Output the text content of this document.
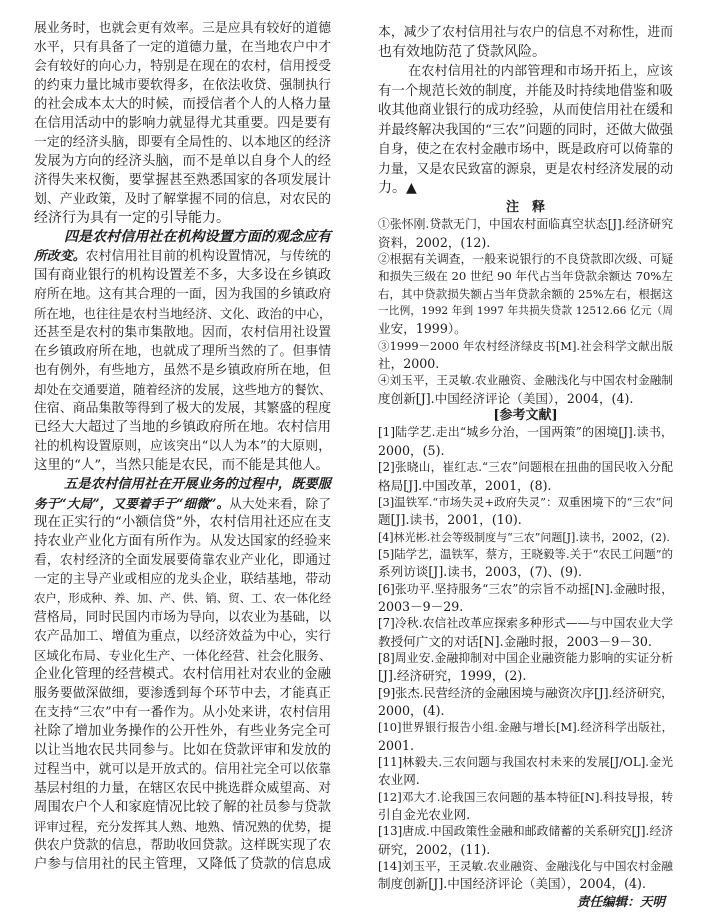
展业务时，也就会更有效率。三是应具有较好的道德
水平，只有具备了一定的道德力量，在当地农户中才
会有较好的向心力，特别是在现在的农村，信用授受
的约束力量比城市要软得多，在依法收贷、强制执行
的社会成本太大的时候，而授信者个人的人格力量
在信用活动中的影响力就显得尤其重要。四是要有
一定的经济头脑，即要有全局性的、以本地区的经济
发展为方向的经济头脑，而不是单以自身个人的经
济得失来权衡，要掌握甚至熟悉国家的各项发展计
划、产业政策，及时了解掌握不同的信息，对农民的
经济行为具有一定的引导能力。
四是农村信用社在机构设置方面的观念应有
所改变。农村信用社目前的机构设置情况，与传统的
国有商业银行的机构设置差不多，大多设在乡镇政
府所在地。这有其合理的一面，因为我国的乡镇政府
所在地，也往往是农村当地经济、文化、政治的中心，
还甚至是农村的集市集散地。因而，农村信用社设置
在乡镇政府所在地，也就成了理所当然的了。但事情
也有例外，有些地方，虽然不是乡镇政府所在地，但
却处在交通要道，随着经济的发展，这些地方的餐饮、
住宿、商品集散等得到了极大的发展，其繁盛的程度
已经大大超过了当地的乡镇政府所在地。农村信用
社的机构设置原则，应该突出“以人为本”的大原则，
这里的“人”，当然只能是农民，而不能是其他人。
五是农村信用社在开展业务的过程中，既要服
务于“大局”，又要着手于“细微”。从大处来看，除了
现在正实行的“小额信贷”外，农村信用社还应在支
持农业产业化方面有所作为。从发达国家的经验来
看，农村经济的全面发展要倚靠农业产业化，即通过
一定的主导产业或相应的龙头企业，联结基地，带动
农户，形成种、养、加、产、供、销、贸、工、农一体化经
营格局，同时民国内市场为导向，以农业为基础，以
农产品加工、增值为重点，以经济效益为中心，实行
区域化布局、专业化生产、一体化经营、社会化服务、
企业化管理的经营模式。农村信用社对农业的金融
服务要做深做细，要渗透到每个环节中去，才能真正
在支持“三农”中有一番作为。从小处来讲，农村信用
社除了增加业务操作的公开性外，有些业务完全可
以让当地农民共同参与。比如在贷款评审和发放的
过程当中，就可以是开放式的。信用社完全可以依靠
基层村组的力量，在辖区农民中挑选群众威望高、对
周围农户个人和家庭情况比较了解的社员参与贷款
评审过程，充分发挥其人熟、地熟、情况熟的优势，提
供农户贷款的信息，帮助收回贷款。这样既实现了农
户参与信用社的民主管理，又降低了贷款的信息成
本，减少了农村信用社与农户的信息不对称性，进而
也有效地防范了贷款风险。
在农村信用社的内部管理和市场开拓上，应该
有一个规范长效的制度，并能及时持续地借鉴和吸
收其他商业银行的成功经验，从而使信用社在缓和
并最终解决我国的“三农”问题的同时，还做大做强
自身，使之在农村金融市场中，既是政府可以倚靠的
力量，又是农民致富的源泉，更是农村经济发展的动
力。▲
注　释
①张怀刚.贷款无门，中国农村面临真空状态[J].经济研究
资料，2002，(12).
②根据有关调查，一般来说银行的不良贷款即次级、可疑
和损失三级在 20 世纪 90 年代占当年贷款余额达 70%左
右，其中贷款损失额占当年贷款余额的 25%左右，根据这
一比例，1992 年到 1997 年共损失贷款 12512.66 亿元（周
业安，1999）。
③1999－2000 年农村经济绿皮书[M].社会科学文献出版
社，2000.
④刘玉平，王灵敏.农业融资、金融浅化与中国农村金融制
度创新[J].中国经济评论（美国），2004，(4).
[参考文献]
[1]陆学艺.走出“城乡分治，一国两策”的困境[J].读书，
2000，(5).
[2]张晓山，崔红志.“三农”问题根在扭曲的国民收入分配
格局[J].中国改革，2001，(8).
[3]温铁军.“市场失灵+政府失灵”：双重困境下的“三农”问
题[J].读书，2001，(10).
[4]林光彬.社会等级制度与“三农”问题[J].读书，2002，(2).
[5]陆学艺，温铁军，蔡方，王晓毅等.关于“农民工问题”的
系列访谈[J].读书，2003，(7)、(9).
[6]张功平.坚持服务“三农”的宗旨不动摇[N].金融时报，
2003－9－29.
[7]冷秋.农信社改革应探索多种形式——与中国农业大学
教授何广文的对话[N].金融时报，2003－9－30.
[8]周业安.金融抑制对中国企业融资能力影响的实证分析
[J].经济研究，1999，(2).
[9]张杰.民营经济的金融困境与融资次序[J].经济研究，
2000，(4).
[10]世界银行报告小组.金融与增长[M].经济科学出版社，
2001.
[11]林毅夫.三农问题与我国农村未来的发展[J/OL].金光
农业网.
[12]邓大才.论我国三农问题的基本特征[N].科技导报，转
引自金光农业网.
[13]唐成.中国政策性金融和邮政储蓄的关系研究[J].经济
研究，2002，(11).
[14]刘玉平，王灵敏.农业融资、金融浅化与中国农村金融
制度创新[J].中国经济评论（美国），2004，(4).
责任编辑：天明
